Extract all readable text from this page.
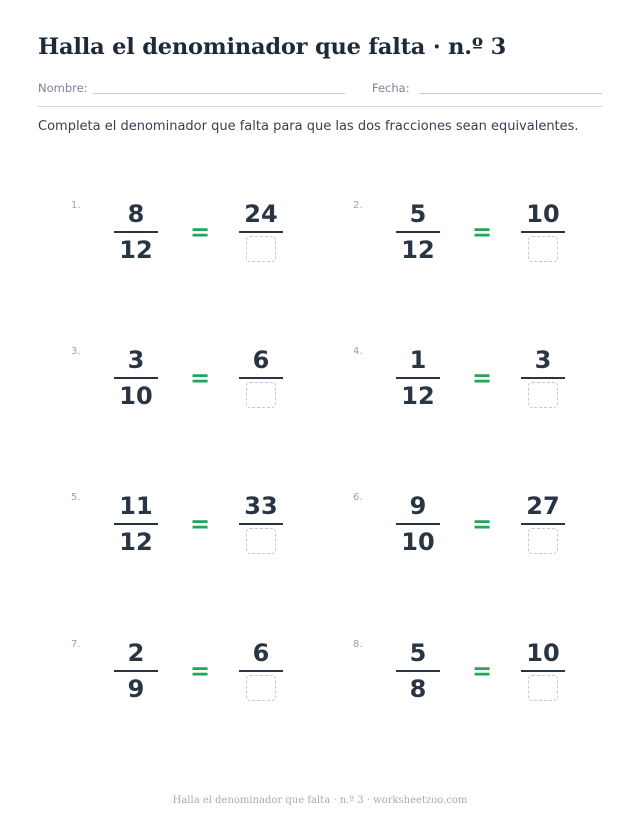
Halla el denominador que falta · n.º 3
Nombre:	Fecha:
Completa el denominador que falta para que las dos fracciones sean equivalentes.
1.	8
12
=
24	2.	5
12
=
10
3.	3
10
=
6	4.	1
12
=
3
5. 11
12
=
33	6.	9
10
=
27
7.	2
9
=
6	8.	5
8
=
10
Halla el denominador que falta · n.º 3 · worksheetzoo.com
